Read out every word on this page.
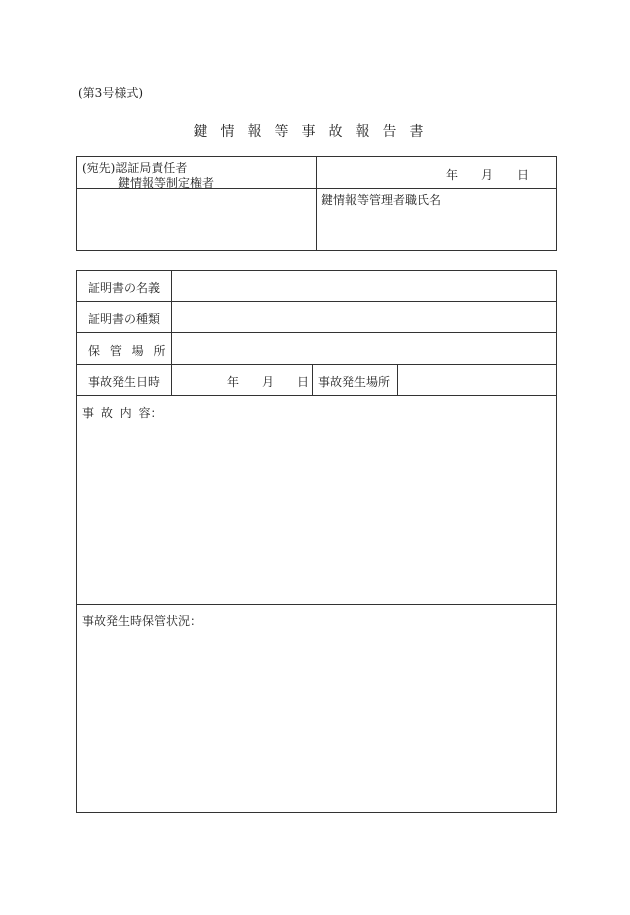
(第3号様式)
鍵情報等事故報告書
(宛先)認証局責任者
鍵情報等制定権者
年 月 日
鍵情報等管理者職氏名
証明書の名義
証明書の種類
保 管 場 所
事故発生日時	年 月 日 事故発生場所
事 故 内 容：
事故発生時保管状況：
